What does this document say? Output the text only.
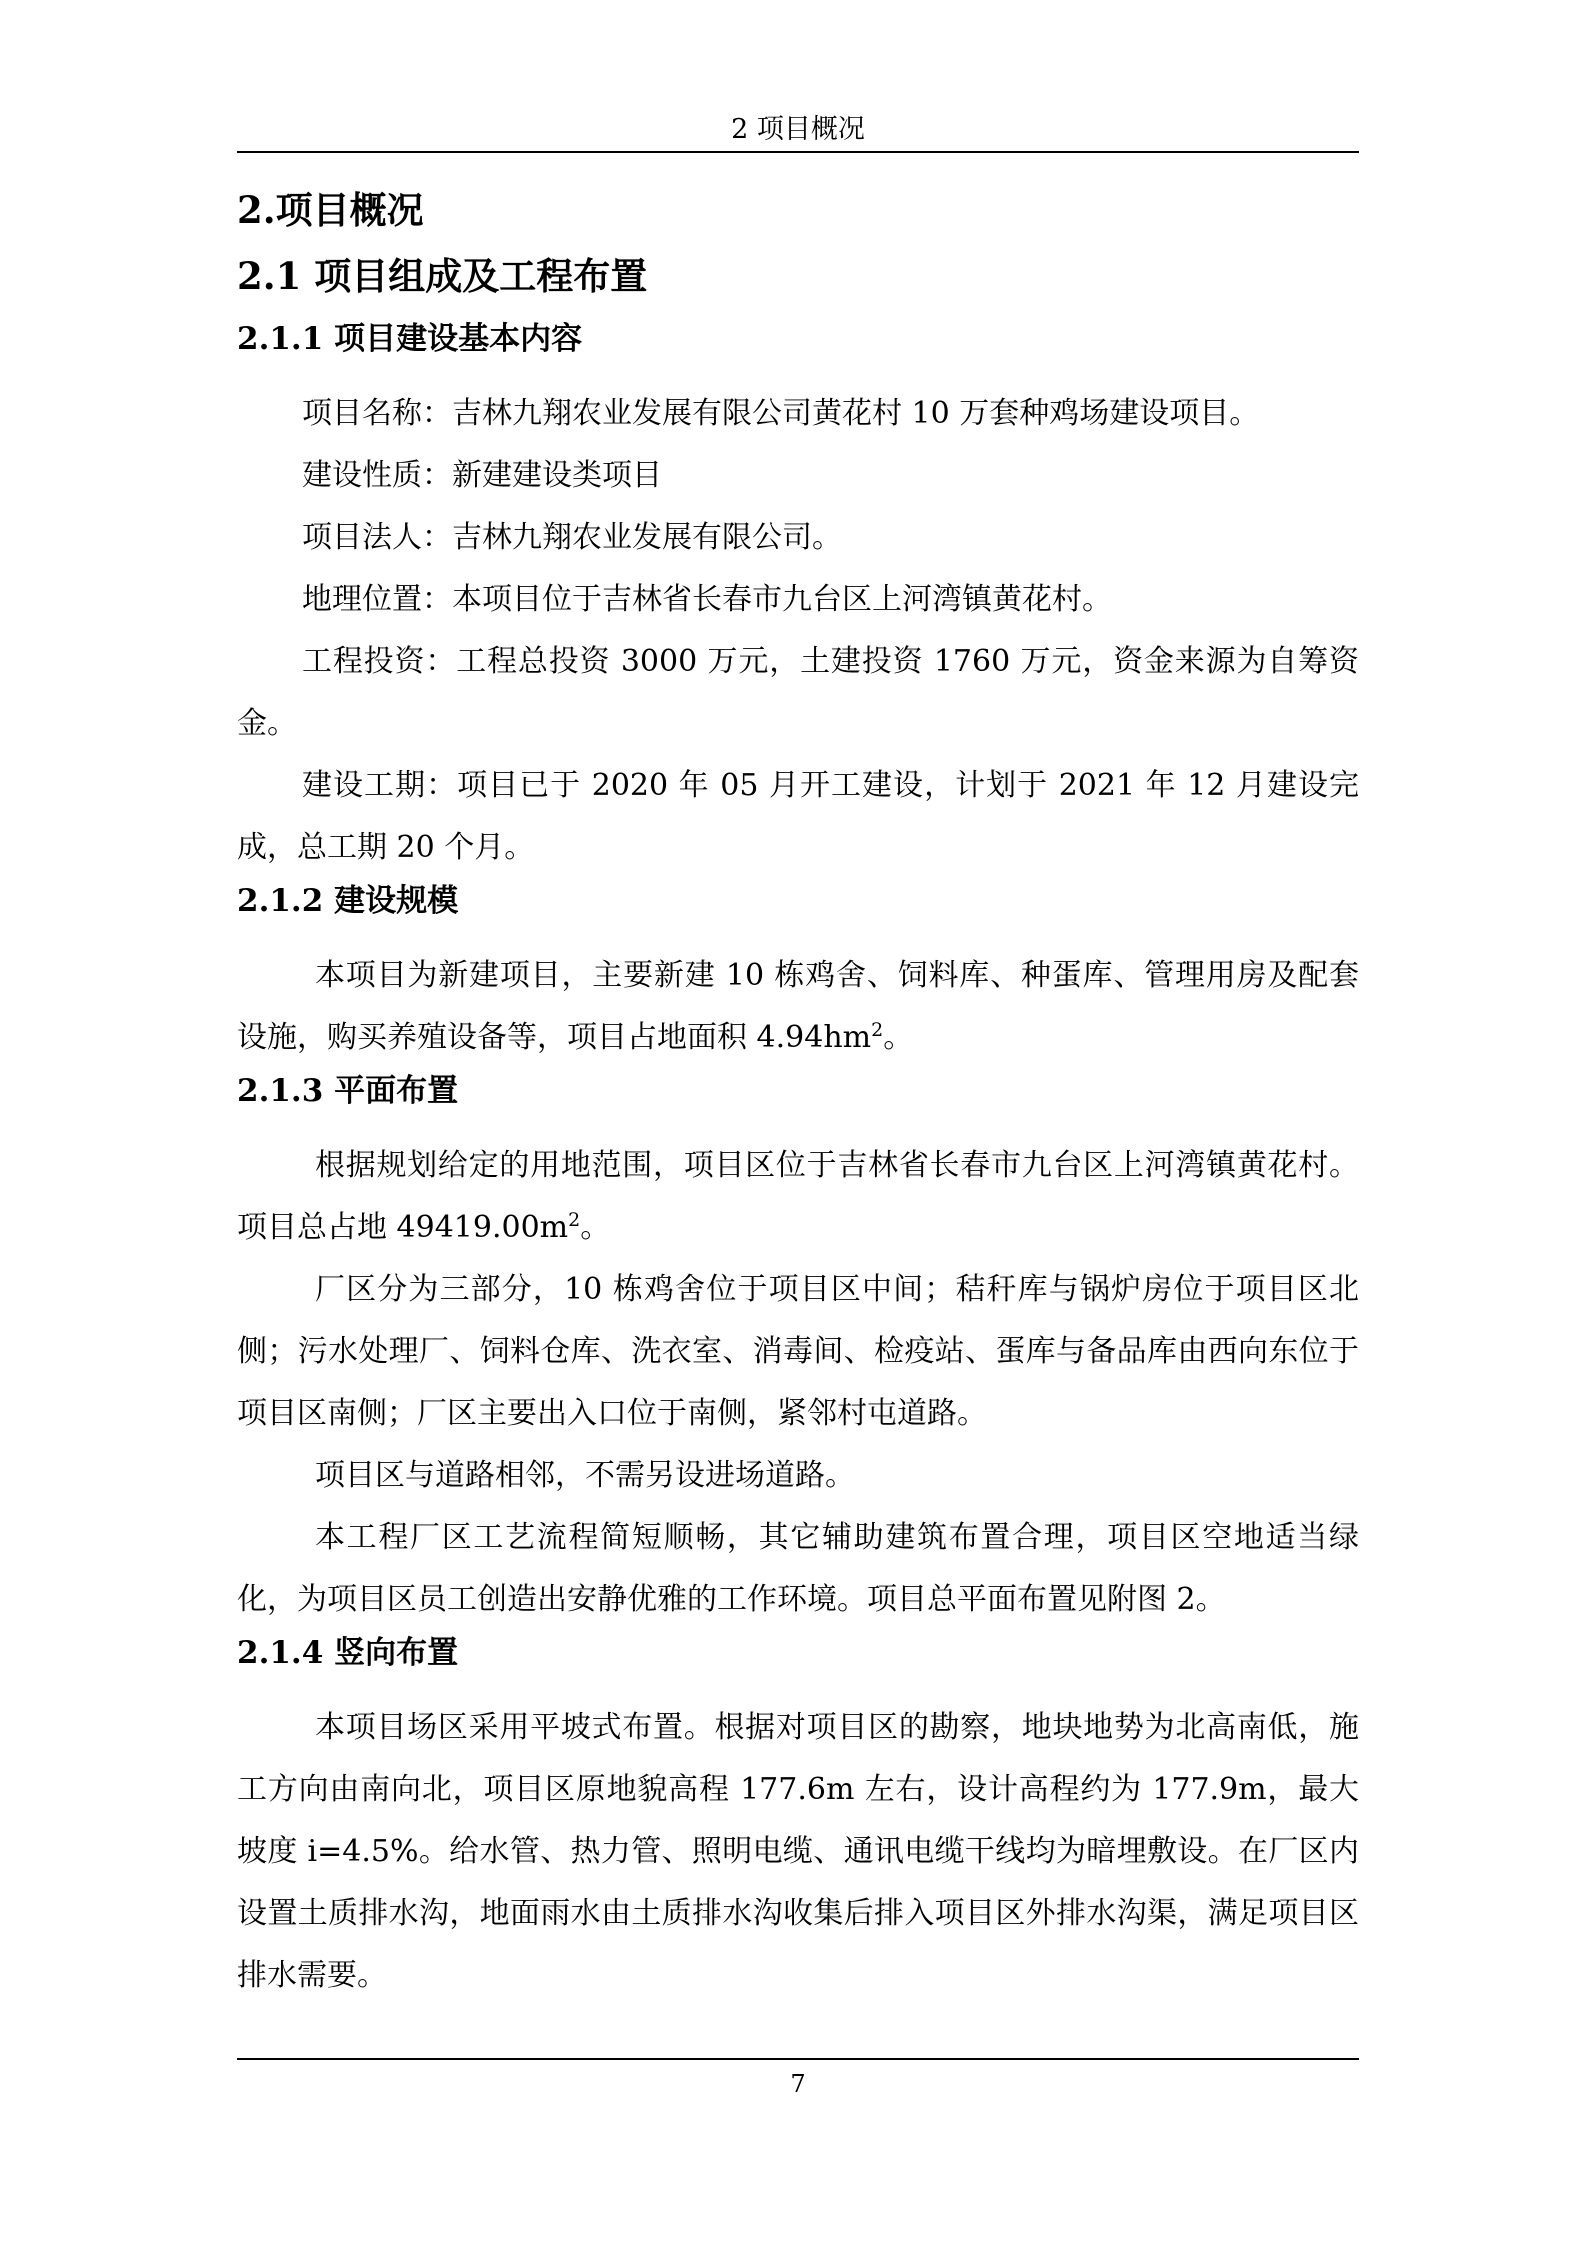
2 项目概况
2.项目概况
2.1 项目组成及工程布置
2.1.1 项目建设基本内容
项目名称：吉林九翔农业发展有限公司黄花村 10 万套种鸡场建设项目。
建设性质：新建建设类项目
项目法人：吉林九翔农业发展有限公司。
地理位置：本项目位于吉林省长春市九台区上河湾镇黄花村。
工程投资：工程总投资 3000 万元，土建投资 1760 万元，资金来源为自筹资金。
建设工期：项目已于 2020 年 05 月开工建设，计划于 2021 年 12 月建设完成，总工期 20 个月。
2.1.2 建设规模
本项目为新建项目，主要新建 10 栋鸡舍、饲料库、种蛋库、管理用房及配套设施，购买养殖设备等，项目占地面积 $4.94hm^2$。
2.1.3 平面布置
根据规划给定的用地范围，项目区位于吉林省长春市九台区上河湾镇黄花村。项目总占地 $49419.00m^2$。
厂区分为三部分，10 栋鸡舍位于项目区中间；秸秆库与锅炉房位于项目区北侧；污水处理厂、饲料仓库、洗衣室、消毒间、检疫站、蛋库与备品库由西向东位于项目区南侧；厂区主要出入口位于南侧，紧邻村屯道路。
项目区与道路相邻，不需另设进场道路。
本工程厂区工艺流程简短顺畅，其它辅助建筑布置合理，项目区空地适当绿化，为项目区员工创造出安静优雅的工作环境。项目总平面布置见附图 2。
2.1.4 竖向布置
本项目场区采用平坡式布置。根据对项目区的勘察，地块地势为北高南低，施工方向由南向北，项目区原地貌高程 177.6m 左右，设计高程约为 177.9m，最大坡度 i=4.5%。给水管、热力管、照明电缆、通讯电缆干线均为暗埋敷设。在厂区内设置土质排水沟，地面雨水由土质排水沟收集后排入项目区外排水沟渠，满足项目区排水需要。
7
